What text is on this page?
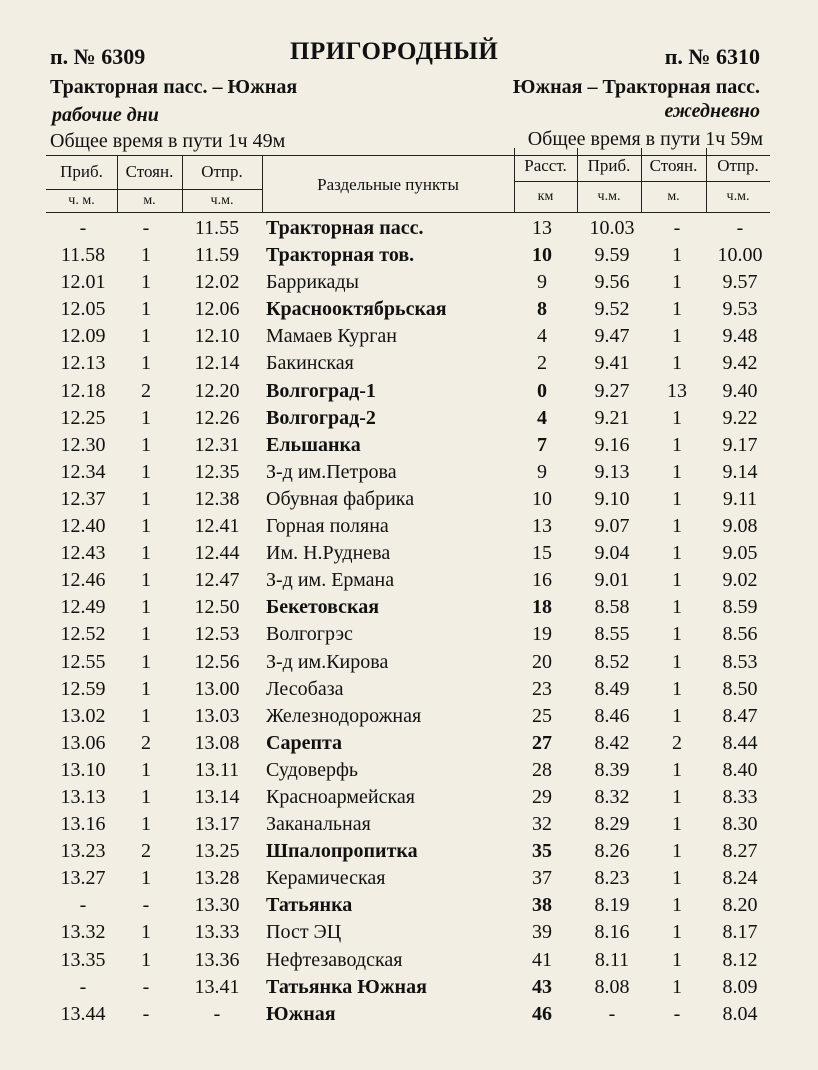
п. № 6309	ПРИГОРОДНЫЙ	п. № 6310
Тракторная пасс. – Южная	Южная – Тракторная пасс.
рабочие дни	ежедневно
Общее время в пути 1ч 49м	Общее время в пути 1ч 59м
Приб.	Стоян.	Отпр.
Раздельные пункты
Расст.	Приб.	Стоян.	Отпр.
ч. м.	м.	ч.м.	км	ч.м.	м.	ч.м.
-	-	11.55	Тракторная пасс.	13	10.03	-	-
11.58	1	11.59	Тракторная тов.	10	9.59	1	10.00
12.01	1	12.02	Баррикады	9	9.56	1	9.57
12.05	1	12.06	Краснооктябрьская	8	9.52	1	9.53
12.09	1	12.10	Мамаев Курган	4	9.47	1	9.48
12.13	1	12.14	Бакинская	2	9.41	1	9.42
12.18	2	12.20	Волгоград-1	0	9.27	13	9.40
12.25	1	12.26	Волгоград-2	4	9.21	1	9.22
12.30	1	12.31	Ельшанка	7	9.16	1	9.17
12.34	1	12.35	З-д им.Петрова	9	9.13	1	9.14
12.37	1	12.38	Обувная фабрика	10	9.10	1	9.11
12.40	1	12.41	Горная поляна	13	9.07	1	9.08
12.43	1	12.44	Им. Н.Руднева	15	9.04	1	9.05
12.46	1	12.47	З-д им. Ермана	16	9.01	1	9.02
12.49	1	12.50	Бекетовская	18	8.58	1	8.59
12.52	1	12.53	Волгогрэс	19	8.55	1	8.56
12.55	1	12.56	З-д им.Кирова	20	8.52	1	8.53
12.59	1	13.00	Лесобаза	23	8.49	1	8.50
13.02	1	13.03	Железнодорожная	25	8.46	1	8.47
13.06	2	13.08	Сарепта	27	8.42	2	8.44
13.10	1	13.11	Судоверфь	28	8.39	1	8.40
13.13	1	13.14	Красноармейская	29	8.32	1	8.33
13.16	1	13.17	Заканальная	32	8.29	1	8.30
13.23	2	13.25	Шпалопропитка	35	8.26	1	8.27
13.27	1	13.28	Керамическая	37	8.23	1	8.24
-	-	13.30	Татьянка	38	8.19	1	8.20
13.32	1	13.33	Пост ЭЦ	39	8.16	1	8.17
13.35	1	13.36	Нефтезаводская	41	8.11	1	8.12
-	-	13.41	Татьянка Южная	43	8.08	1	8.09
13.44	-	-	Южная	46	-	-	8.04
